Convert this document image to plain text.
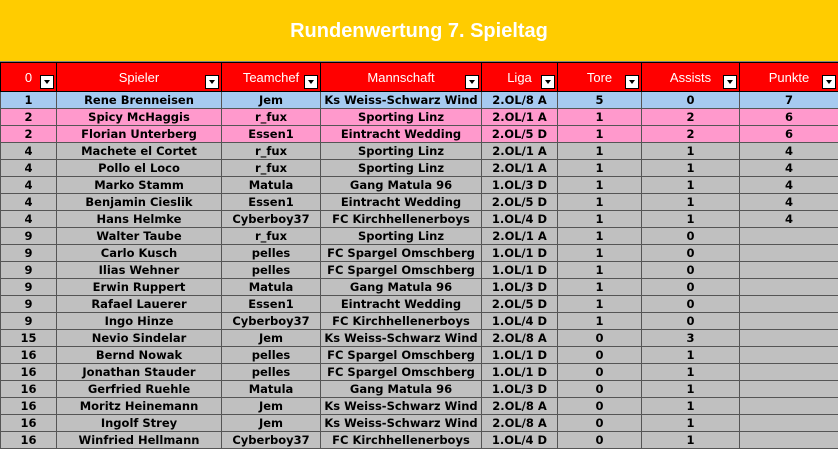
Rundenwertung 7. Spieltag
0	Spieler	Teamchef	Mannschaft	Liga	Tore	Assists	Punkte

1	Rene Brenneisen	Jem	Ks Weiss-Schwarz Wind	2.OL/8 A	5	0	7
2	Spicy McHaggis	r_fux	Sporting Linz	2.OL/1 A	1	2	6
2	Florian Unterberg	Essen1	Eintracht Wedding	2.OL/5 D	1	2	6
4	Machete el Cortet	r_fux	Sporting Linz	2.OL/1 A	1	1	4
4	Pollo el Loco	r_fux	Sporting Linz	2.OL/1 A	1	1	4
4	Marko Stamm	Matula	Gang Matula 96	1.OL/3 D	1	1	4
4	Benjamin Cieslik	Essen1	Eintracht Wedding	2.OL/5 D	1	1	4
4	Hans Helmke	Cyberboy37	FC Kirchhellenerboys	1.OL/4 D	1	1	4
9	Walter Taube	r_fux	Sporting Linz	2.OL/1 A	1	0	
9	Carlo Kusch	pelles	FC Spargel Omschberg	1.OL/1 D	1	0	
9	Ilias Wehner	pelles	FC Spargel Omschberg	1.OL/1 D	1	0	
9	Erwin Ruppert	Matula	Gang Matula 96	1.OL/3 D	1	0	
9	Rafael Lauerer	Essen1	Eintracht Wedding	2.OL/5 D	1	0	
9	Ingo Hinze	Cyberboy37	FC Kirchhellenerboys	1.OL/4 D	1	0	
15	Nevio Sindelar	Jem	Ks Weiss-Schwarz Wind	2.OL/8 A	0	3	
16	Bernd Nowak	pelles	FC Spargel Omschberg	1.OL/1 D	0	1	
16	Jonathan Stauder	pelles	FC Spargel Omschberg	1.OL/1 D	0	1	
16	Gerfried Ruehle	Matula	Gang Matula 96	1.OL/3 D	0	1	
16	Moritz Heinemann	Jem	Ks Weiss-Schwarz Wind	2.OL/8 A	0	1	
16	Ingolf Strey	Jem	Ks Weiss-Schwarz Wind	2.OL/8 A	0	1	
16	Winfried Hellmann	Cyberboy37	FC Kirchhellenerboys	1.OL/4 D	0	1	
